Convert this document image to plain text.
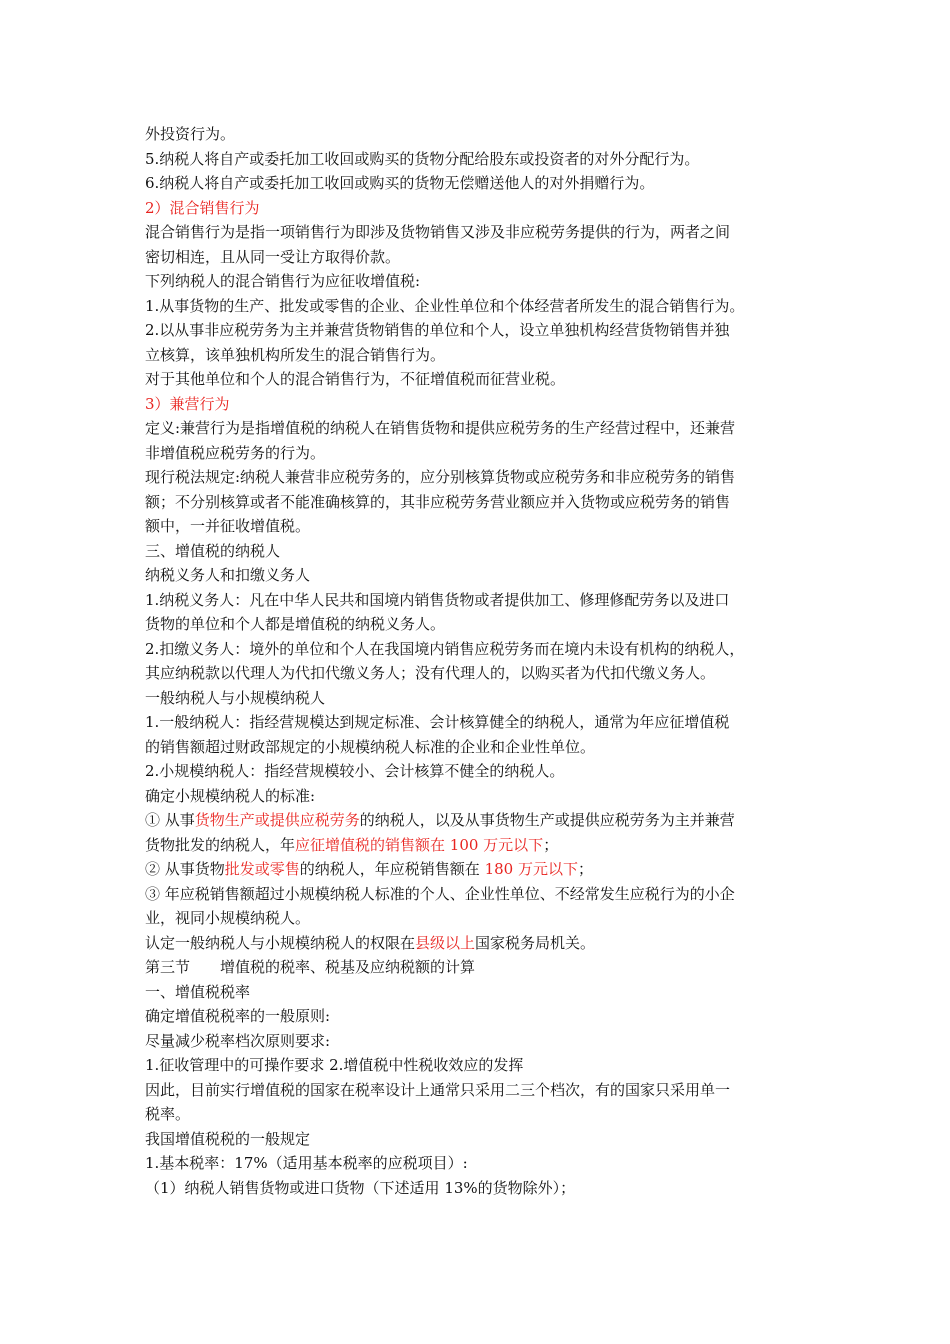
外投资行为。
5.纳税人将自产或委托加工收回或购买的货物分配给股东或投资者的对外分配行为。
6.纳税人将自产或委托加工收回或购买的货物无偿赠送他人的对外捐赠行为。
2）混合销售行为
混合销售行为是指一项销售行为即涉及货物销售又涉及非应税劳务提供的行为，两者之间
密切相连，且从同一受让方取得价款。
下列纳税人的混合销售行为应征收增值税:
1.从事货物的生产、批发或零售的企业、企业性单位和个体经营者所发生的混合销售行为。
2.以从事非应税劳务为主并兼营货物销售的单位和个人，设立单独机构经营货物销售并独
立核算，该单独机构所发生的混合销售行为。
对于其他单位和个人的混合销售行为，不征增值税而征营业税。
3）兼营行为
定义:兼营行为是指增值税的纳税人在销售货物和提供应税劳务的生产经营过程中，还兼营
非增值税应税劳务的行为。
现行税法规定:纳税人兼营非应税劳务的，应分别核算货物或应税劳务和非应税劳务的销售
额；不分别核算或者不能准确核算的，其非应税劳务营业额应并入货物或应税劳务的销售
额中，一并征收增值税。
三、增值税的纳税人
纳税义务人和扣缴义务人
1.纳税义务人：凡在中华人民共和国境内销售货物或者提供加工、修理修配劳务以及进口
货物的单位和个人都是增值税的纳税义务人。
2.扣缴义务人：境外的单位和个人在我国境内销售应税劳务而在境内未设有机构的纳税人，
其应纳税款以代理人为代扣代缴义务人；没有代理人的，以购买者为代扣代缴义务人。
一般纳税人与小规模纳税人
1.一般纳税人：指经营规模达到规定标准、会计核算健全的纳税人，通常为年应征增值税
的销售额超过财政部规定的小规模纳税人标准的企业和企业性单位。
2.小规模纳税人：指经营规模较小、会计核算不健全的纳税人。
确定小规模纳税人的标准:
① 从事货物生产或提供应税劳务的纳税人，以及从事货物生产或提供应税劳务为主并兼营
货物批发的纳税人，年应征增值税的销售额在 100 万元以下；
② 从事货物批发或零售的纳税人，年应税销售额在 180 万元以下；
③ 年应税销售额超过小规模纳税人标准的个人、企业性单位、不经常发生应税行为的小企
业，视同小规模纳税人。
认定一般纳税人与小规模纳税人的权限在县级以上国家税务局机关。
第三节　　增值税的税率、税基及应纳税额的计算
一、增值税税率
确定增值税税率的一般原则:
尽量减少税率档次原则要求:
1.征收管理中的可操作要求 2.增值税中性税收效应的发挥
因此，目前实行增值税的国家在税率设计上通常只采用二三个档次，有的国家只采用单一
税率。
我国增值税税的一般规定
1.基本税率：17%（适用基本税率的应税项目）:
（1）纳税人销售货物或进口货物（下述适用 13%的货物除外）；
